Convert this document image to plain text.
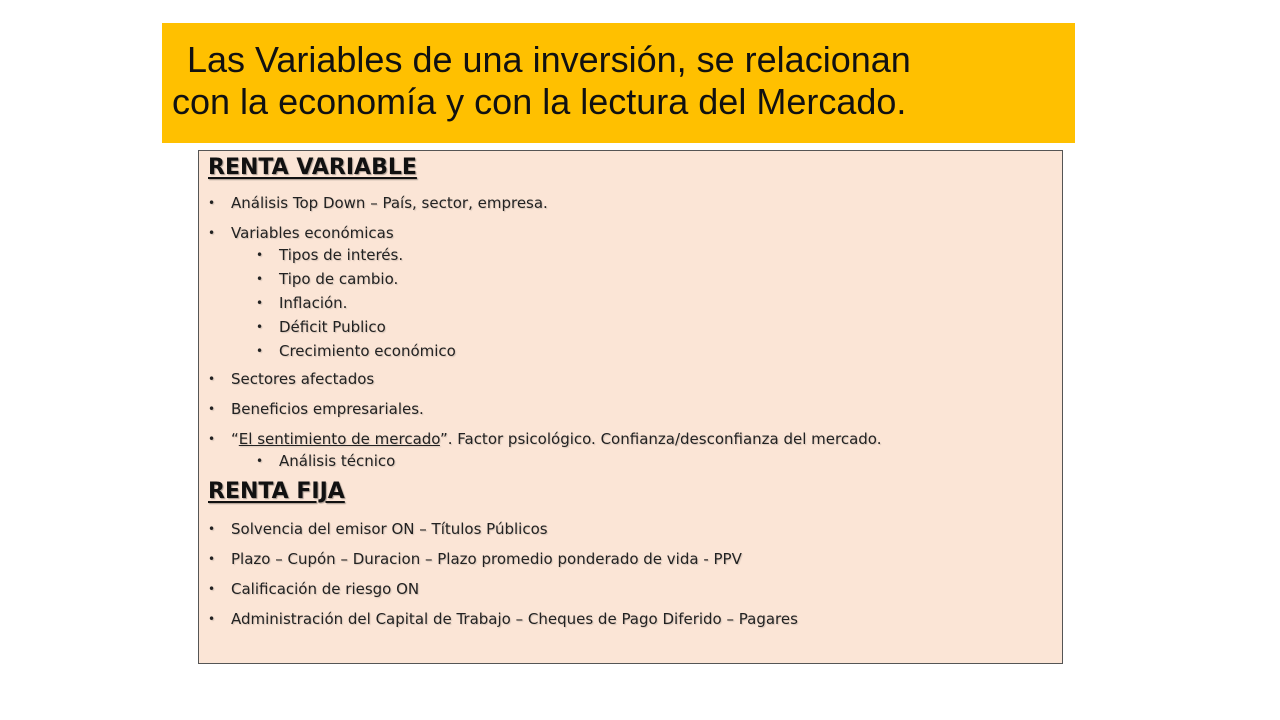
Las Variables de una inversión, se relacionan
con la economía y con la lectura del Mercado.
RENTA VARIABLE
• Análisis Top Down – País, sector, empresa.
• Variables económicas
• Tipos de interés.
• Tipo de cambio.
• Inflación.
• Déficit Publico
• Crecimiento económico
• Sectores afectados
• Beneficios empresariales.
• “El sentimiento de mercado”. Factor psicológico. Confianza/desconfianza del mercado.
• Análisis técnico
RENTA FIJA
• Solvencia del emisor ON – Títulos Públicos
• Plazo – Cupón – Duracion – Plazo promedio ponderado de vida - PPV
• Calificación de riesgo ON
• Administración del Capital de Trabajo – Cheques de Pago Diferido – Pagares
